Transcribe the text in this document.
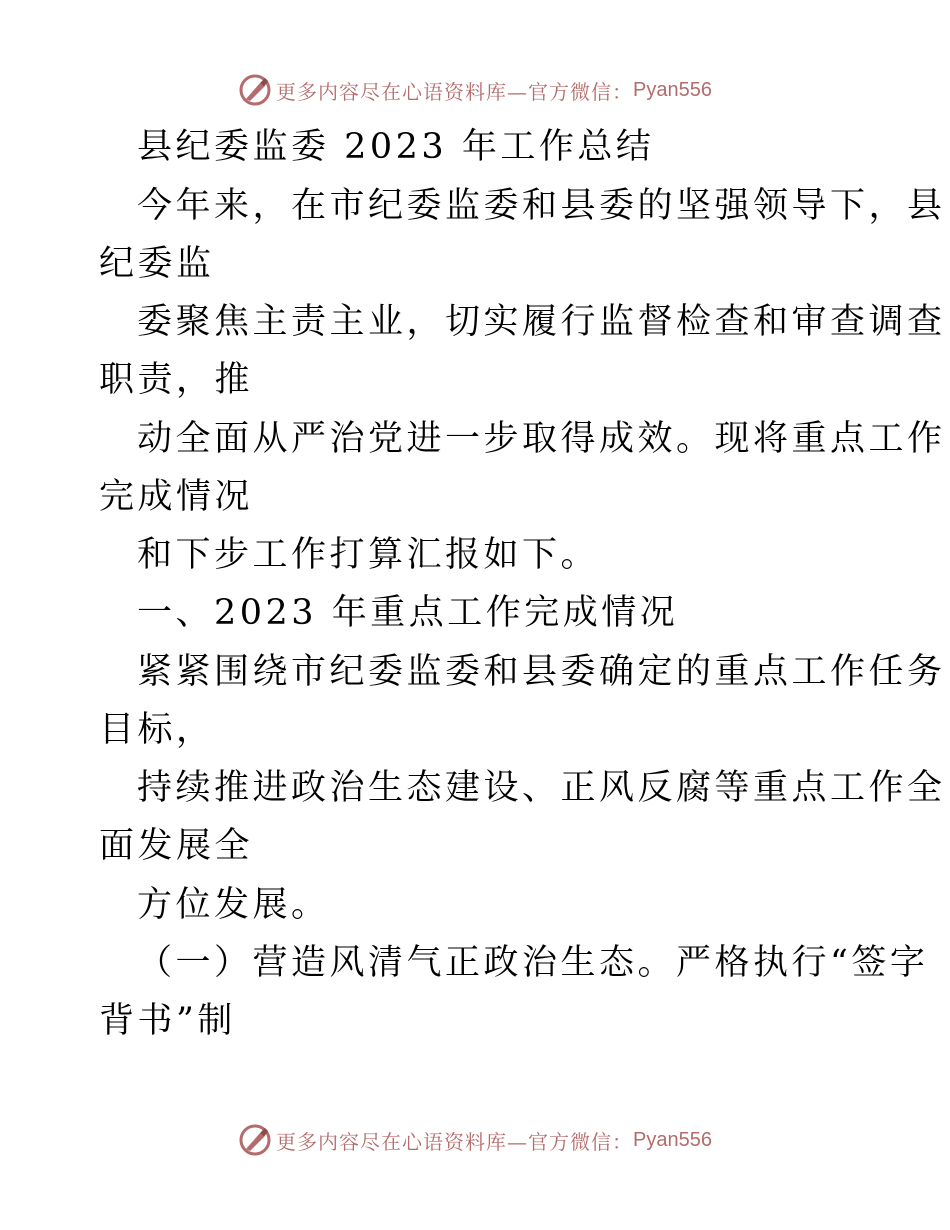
更多内容尽在心语资料库—官方微信： Pyan556
县纪委监委 2023 年工作总结
今年来，在市纪委监委和县委的坚强领导下，县
纪委监
委聚焦主责主业，切实履行监督检查和审查调查
职责，推
动全面从严治党进一步取得成效。现将重点工作
完成情况
和下步工作打算汇报如下。
一、2023 年重点工作完成情况
紧紧围绕市纪委监委和县委确定的重点工作任务
目标，
持续推进政治生态建设、正风反腐等重点工作全
面发展全
方位发展。
（一）营造风清气正政治生态。严格执行“签字
背书”制
更多内容尽在心语资料库—官方微信： Pyan556
